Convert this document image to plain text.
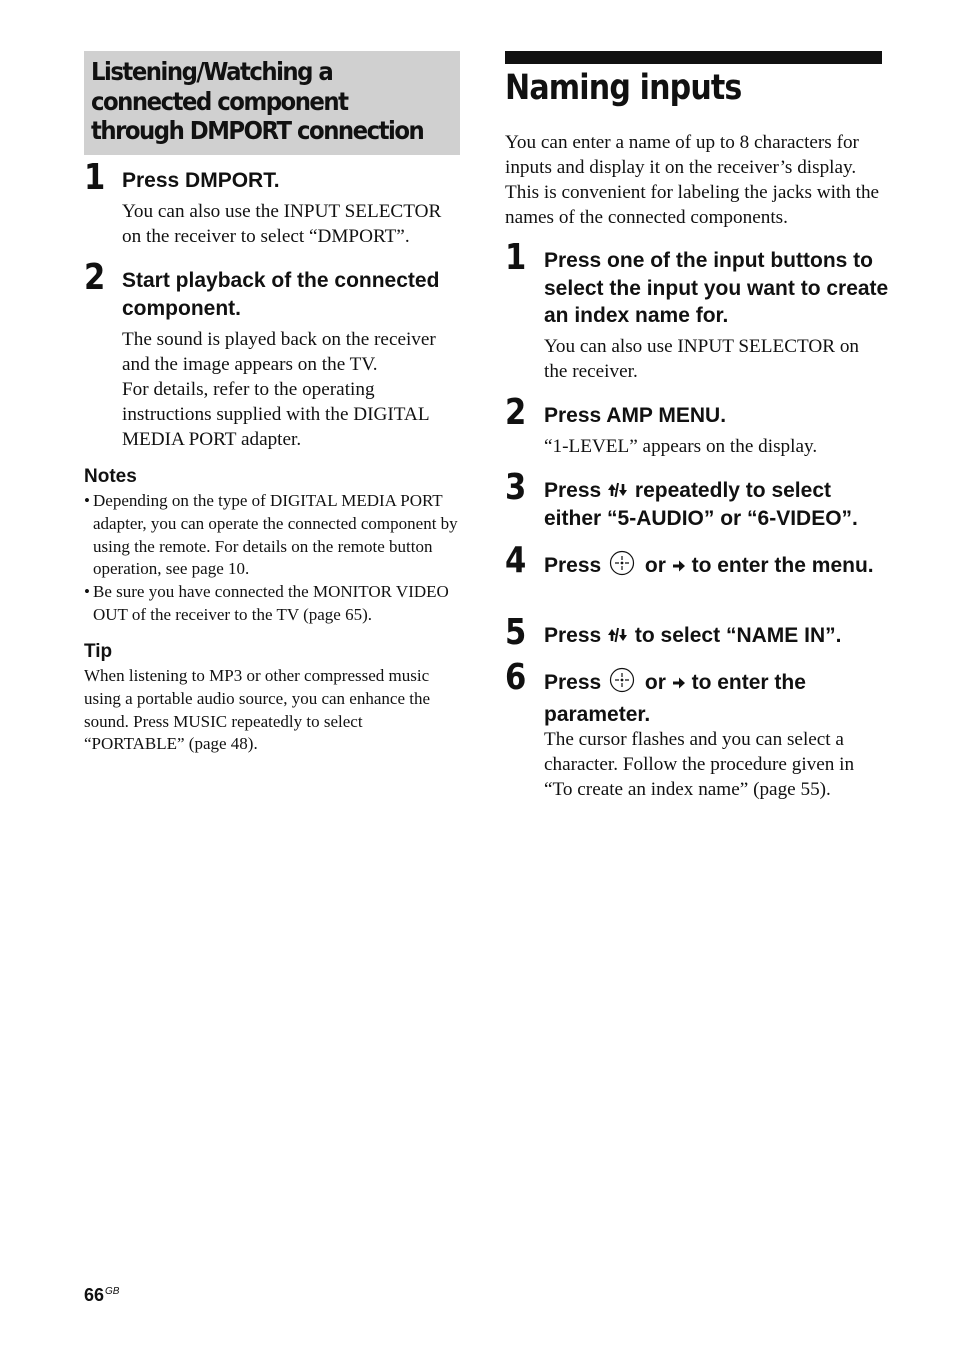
Listening/Watching a connected component through DMPORT connection
1 Press DMPORT.
You can also use the INPUT SELECTOR on the receiver to select “DMPORT”.
2 Start playback of the connected component.
The sound is played back on the receiver and the image appears on the TV.
For details, refer to the operating instructions supplied with the DIGITAL MEDIA PORT adapter.
Notes
• Depending on the type of DIGITAL MEDIA PORT adapter, you can operate the connected component by using the remote. For details on the remote button operation, see page 10.
• Be sure you have connected the MONITOR VIDEO OUT of the receiver to the TV (page 65).
Tip
When listening to MP3 or other compressed music using a portable audio source, you can enhance the sound. Press MUSIC repeatedly to select “PORTABLE” (page 48).
Naming inputs
You can enter a name of up to 8 characters for inputs and display it on the receiver’s display. This is convenient for labeling the jacks with the names of the connected components.
1 Press one of the input buttons to select the input you want to create an index name for.
You can also use INPUT SELECTOR on the receiver.
2 Press AMP MENU.
“1-LEVEL” appears on the display.
3 Press repeatedly to select either “5-AUDIO” or “6-VIDEO”.
4 Press or to enter the menu.
5 Press to select “NAME IN”.
6 Press or to enter the parameter.
The cursor flashes and you can select a character. Follow the procedure given in “To create an index name” (page 55).
$66^{GB}$
